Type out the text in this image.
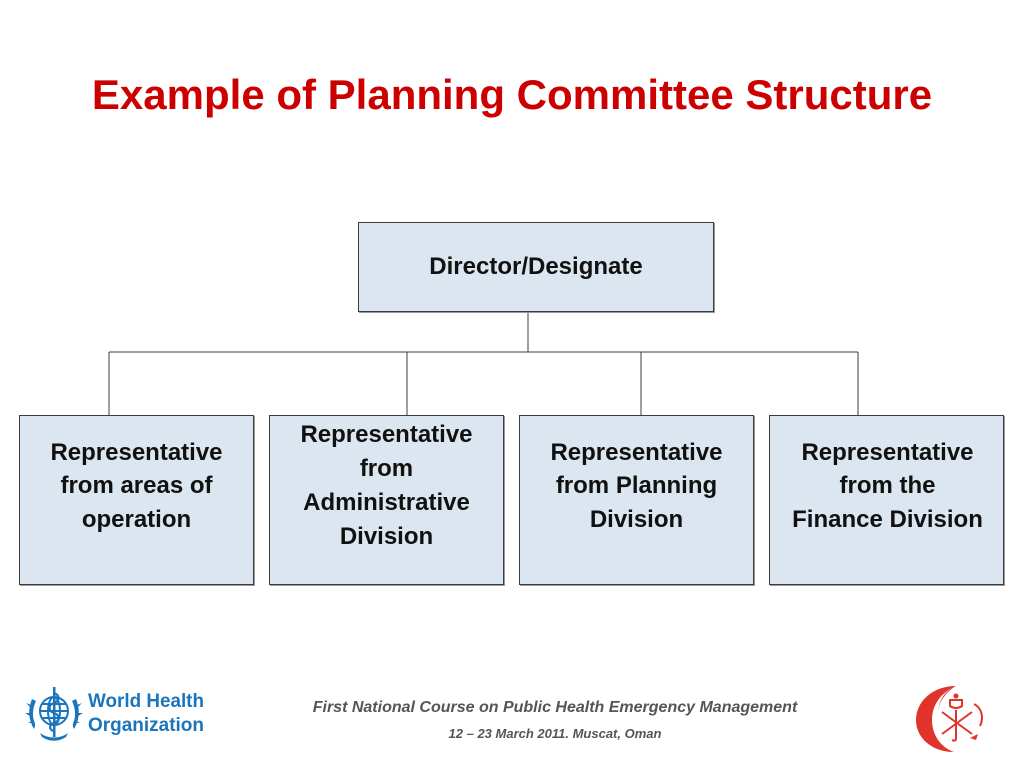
Example of Planning Committee Structure
Director/Designate
Representative
from areas of
operation
Representative
from
Administrative
Division
Representative
from Planning
Division
Representative
from the
Finance Division
World Health
Organization
First National Course on Public Health Emergency Management
12 – 23 March 2011. Muscat, Oman
